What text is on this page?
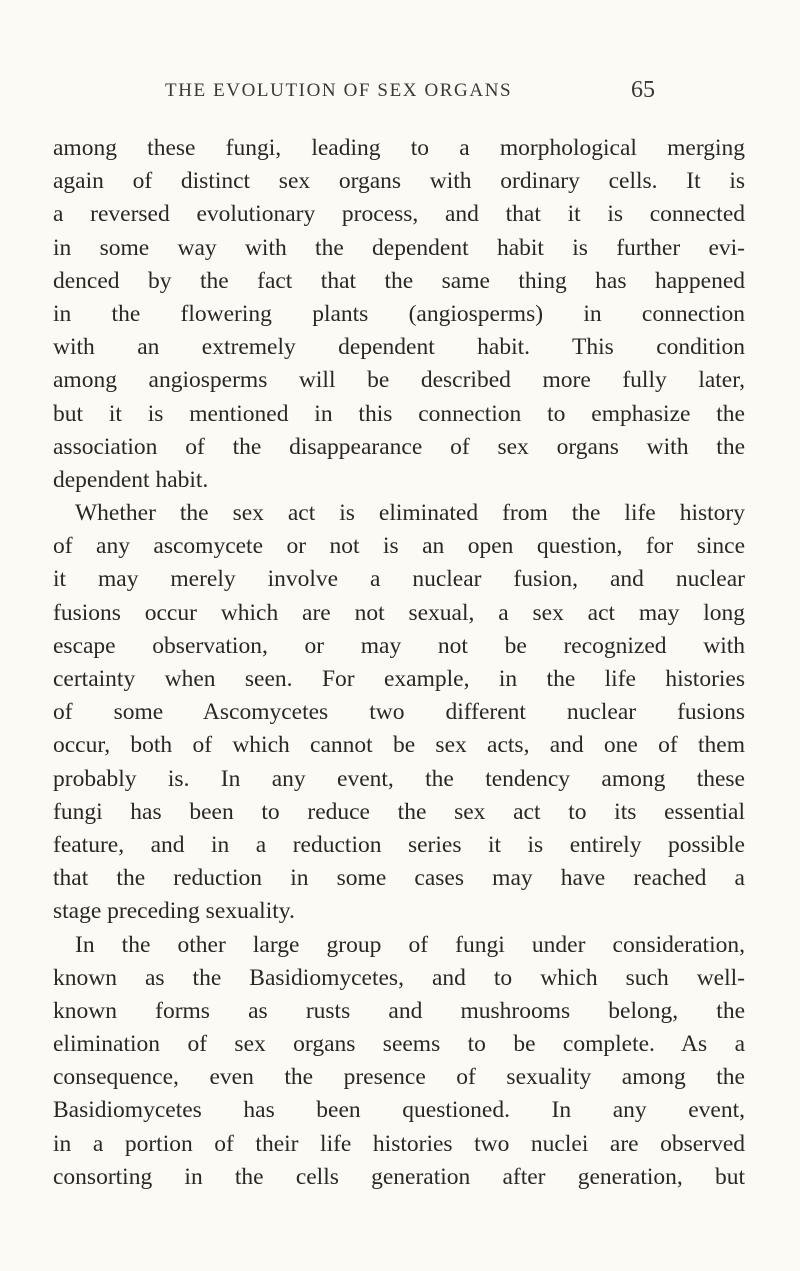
THE EVOLUTION OF SEX ORGANS	65
among these fungi, leading to a morphological merging
again of distinct sex organs with ordinary cells. It is
a reversed evolutionary process, and that it is connected
in some way with the dependent habit is further evi-
denced by the fact that the same thing has happened
in the flowering plants (angiosperms) in connection
with an extremely dependent habit. This condition
among angiosperms will be described more fully later,
but it is mentioned in this connection to emphasize the
association of the disappearance of sex organs with the
dependent habit.
Whether the sex act is eliminated from the life history
of any ascomycete or not is an open question, for since
it may merely involve a nuclear fusion, and nuclear
fusions occur which are not sexual, a sex act may long
escape observation, or may not be recognized with
certainty when seen. For example, in the life histories
of some Ascomycetes two different nuclear fusions
occur, both of which cannot be sex acts, and one of them
probably is. In any event, the tendency among these
fungi has been to reduce the sex act to its essential
feature, and in a reduction series it is entirely possible
that the reduction in some cases may have reached a
stage preceding sexuality.
In the other large group of fungi under consideration,
known as the Basidiomycetes, and to which such well-
known forms as rusts and mushrooms belong, the
elimination of sex organs seems to be complete. As a
consequence, even the presence of sexuality among the
Basidiomycetes has been questioned. In any event,
in a portion of their life histories two nuclei are observed
consorting in the cells generation after generation, but
